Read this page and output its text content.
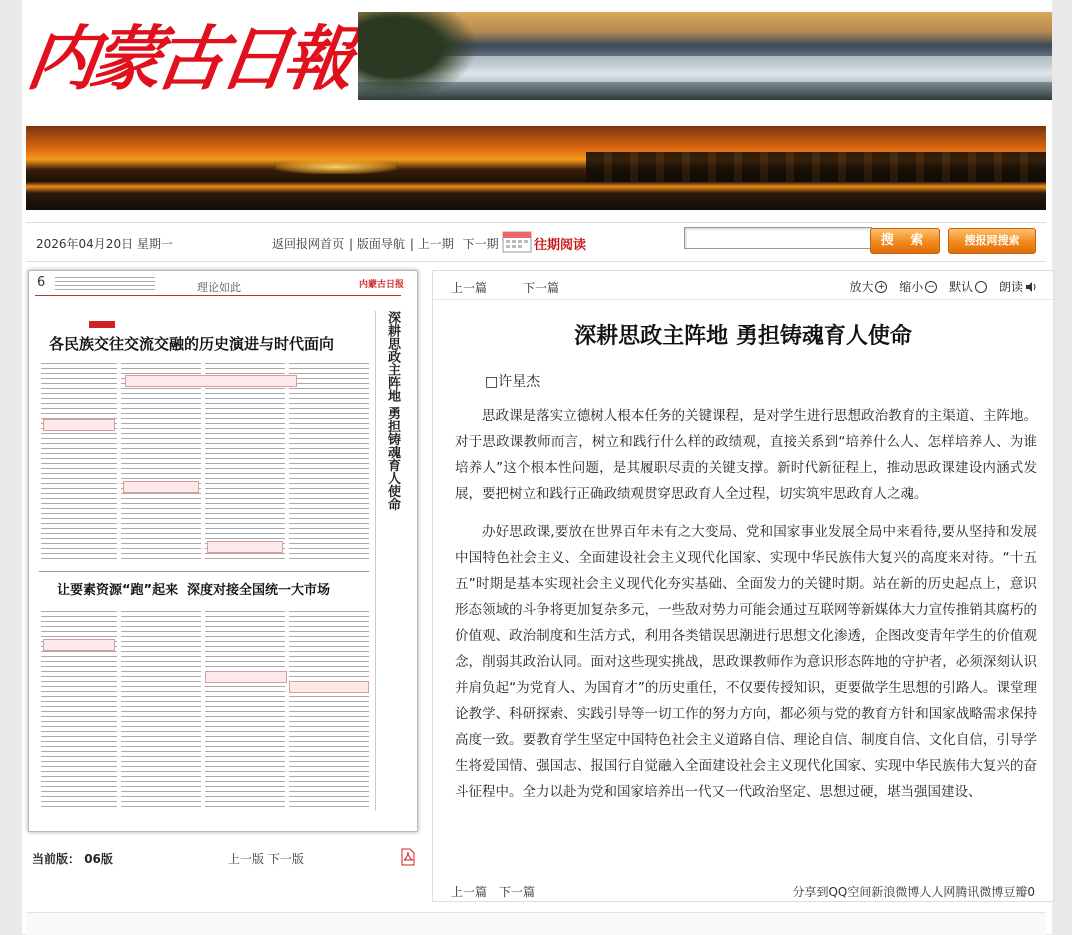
内蒙古日報
2026年04月20日 星期一	返回报网首页 | 版面导航 | 上一期 下一期	往期阅读	搜 索	搜报网搜索
6	理论如此	内蒙古日报
各民族交往交流交融的历史演进与时代面向
让要素资源“跑”起来 深度对接全国统一大市场
深耕思政主阵地 勇担铸魂育人使命
当前版： 06版	上一版 下一版
上一篇	下一篇	放大 +
缩小 −
默认
朗读
深耕思政主阵地 勇担铸魂育人使命
□许星杰

思政课是落实立德树人根本任务的关键课程，是对学生进行思想政治教育的主渠道、主阵地。对于思政课教师而言，树立和践行什么样的政绩观，直接关系到“培养什么人、怎样培养人、为谁培养人”这个根本性问题，是其履职尽责的关键支撑。新时代新征程上，推动思政课建设内涵式发展，要把树立和践行正确政绩观贯穿思政育人全过程，切实筑牢思政育人之魂。

办好思政课,要放在世界百年未有之大变局、党和国家事业发展全局中来看待,要从坚持和发展中国特色社会主义、全面建设社会主义现代化国家、实现中华民族伟大复兴的高度来对待。“十五五”时期是基本实现社会主义现代化夯实基础、全面发力的关键时期。站在新的历史起点上，意识形态领域的斗争将更加复杂多元，一些敌对势力可能会通过互联网等新媒体大力宣传推销其腐朽的价值观、政治制度和生活方式，利用各类错误思潮进行思想文化渗透，企图改变青年学生的价值观念，削弱其政治认同。面对这些现实挑战，思政课教师作为意识形态阵地的守护者，必须深刻认识并肩负起“为党育人、为国育才”的历史重任，不仅要传授知识，更要做学生思想的引路人。课堂理论教学、科研探索、实践引导等一切工作的努力方向，都必须与党的教育方针和国家战略需求保持高度一致。要教育学生坚定中国特色社会主义道路自信、理论自信、制度自信、文化自信，引导学生将爱国情、强国志、报国行自觉融入全面建设社会主义现代化国家、实现中华民族伟大复兴的奋斗征程中。全力以赴为党和国家培养出一代又一代政治坚定、思想过硬，堪当强国建设、

上一篇 下一篇	分享到QQ空间新浪微博人人网腾讯微博豆瓣0
